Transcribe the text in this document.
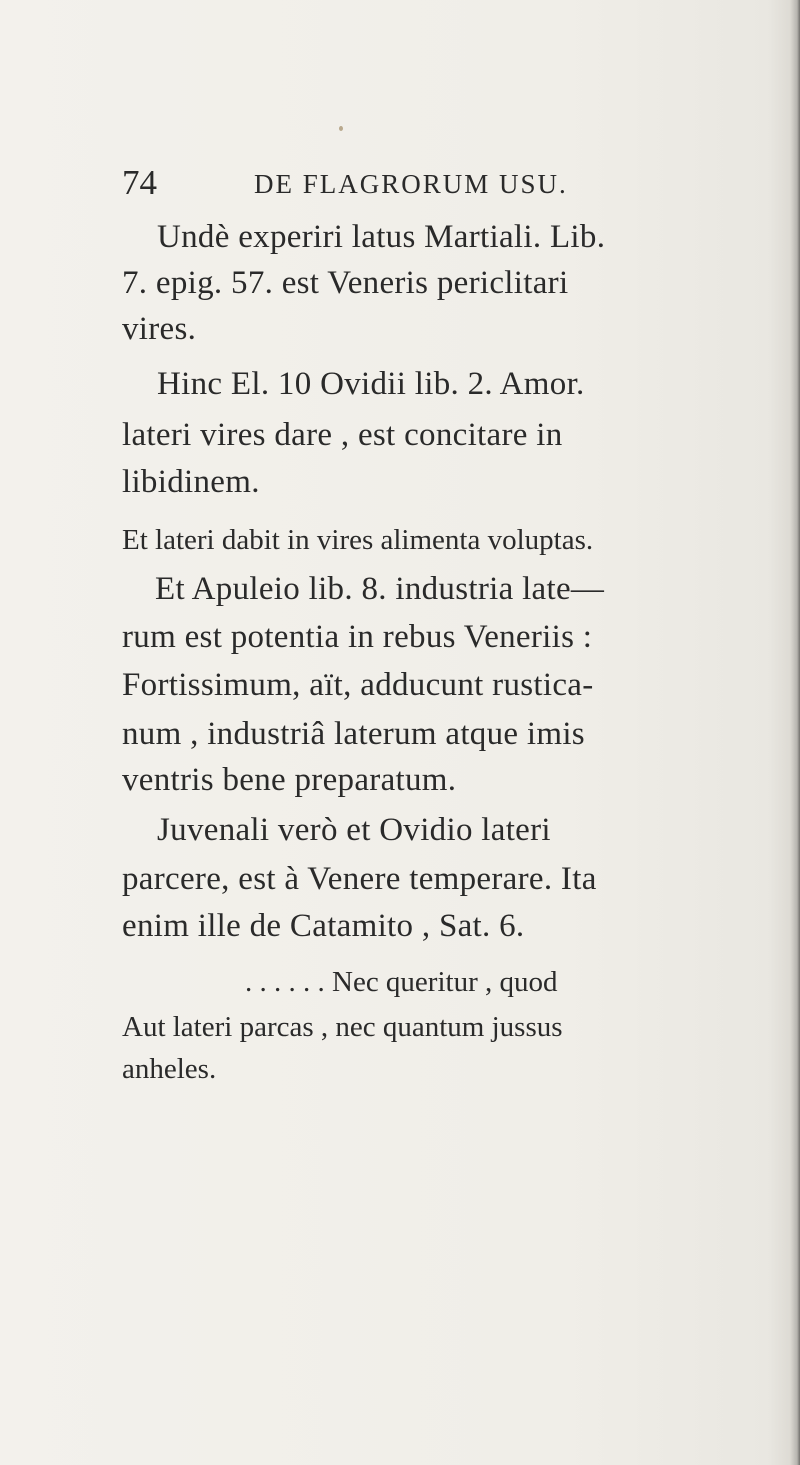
74	DE FLAGRORUM USU.
Undè experiri latus Martiali. Lib.
7. epig. 57. est Veneris periclitari
vires.
Hinc El. 10 Ovidii lib. 2. Amor.
lateri vires dare , est concitare in
libidinem.
Et lateri dabit in vires alimenta voluptas.
Et Apuleio lib. 8. industria late—
rum est potentia in rebus Veneriis :
Fortissimum, aït, adducunt rustica-
num , industriâ laterum atque imis
ventris bene preparatum.
Juvenali verò et Ovidio lateri
parcere, est à Venere temperare. Ita
enim ille de Catamito , Sat. 6.
. . . . . . Nec queritur , quod
Aut lateri parcas , nec quantum jussus
anheles.
